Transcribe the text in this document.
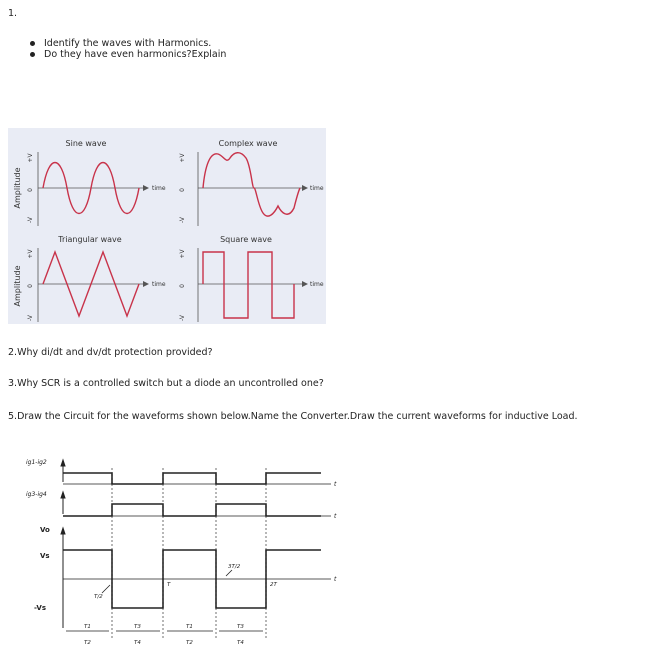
1.
Identify the waves with Harmonics.
Do they have even harmonics?Explain
Amplitude
Amplitude
Sine wave
+V
0
-V
time
Complex wave
+V
0
-V
time
Triangular wave
+V
0
-V
time
Square wave
+V
0
-V
time
2.Why di/dt and dv/dt protection provided?
3.Why SCR is a controlled switch but a diode an uncontrolled one?
5.Draw the Circuit for the waveforms shown below.Name the Converter.Draw the current waveforms for inductive Load.
ig1-ig2
ig3-ig4
Vo
Vs
-Vs
t
t
t
T/2
T
3T/2
2T
T1	T3	T1	T3
T2	T4	T2	T4
